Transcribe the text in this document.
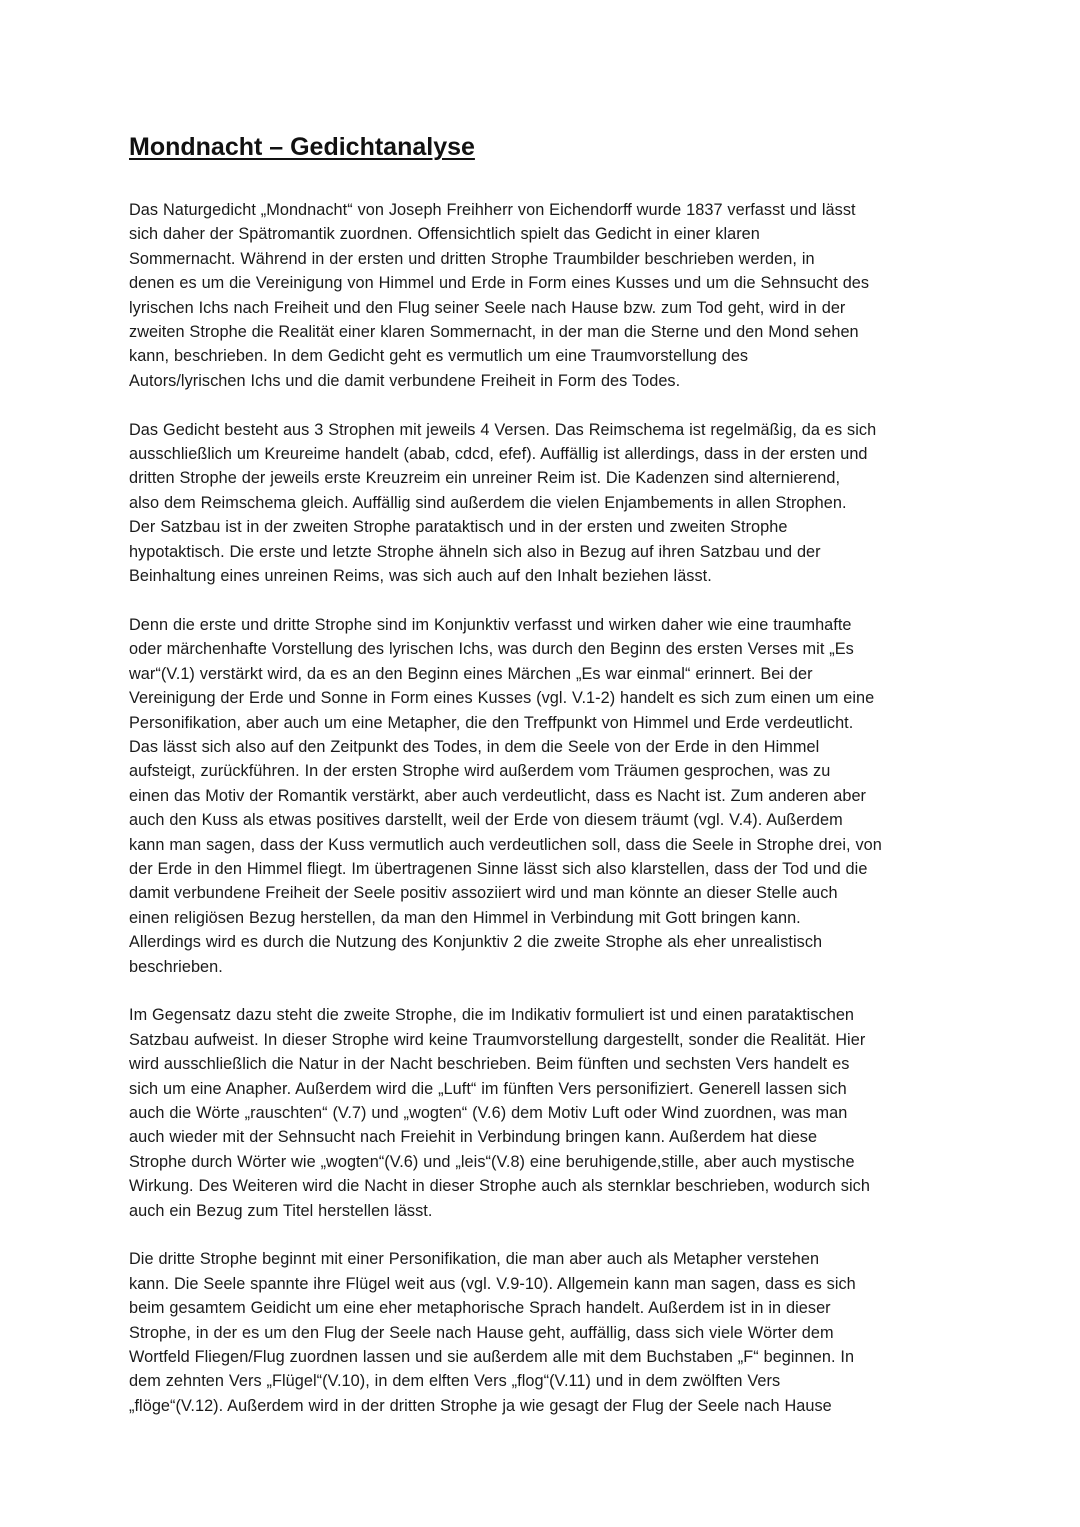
Mondnacht – Gedichtanalyse

Das Naturgedicht „Mondnacht“ von Joseph Freihherr von Eichendorff wurde 1837 verfasst und lässt
sich daher der Spätromantik zuordnen. Offensichtlich spielt das Gedicht in einer klaren
Sommernacht. Während in der ersten und dritten Strophe Traumbilder beschrieben werden, in
denen es um die Vereinigung von Himmel und Erde in Form eines Kusses und um die Sehnsucht des
lyrischen Ichs nach Freiheit und den Flug seiner Seele nach Hause bzw. zum Tod geht, wird in der
zweiten Strophe die Realität einer klaren Sommernacht, in der man die Sterne und den Mond sehen
kann, beschrieben. In dem Gedicht geht es vermutlich um eine Traumvorstellung des
Autors/lyrischen Ichs und die damit verbundene Freiheit in Form des Todes.

Das Gedicht besteht aus 3 Strophen mit jeweils 4 Versen. Das Reimschema ist regelmäßig, da es sich
ausschließlich um Kreureime handelt (abab, cdcd, efef). Auffällig ist allerdings, dass in der ersten und
dritten Strophe der jeweils erste Kreuzreim ein unreiner Reim ist. Die Kadenzen sind alternierend,
also dem Reimschema gleich. Auffällig sind außerdem die vielen Enjambements in allen Strophen.
Der Satzbau ist in der zweiten Strophe parataktisch und in der ersten und zweiten Strophe
hypotaktisch. Die erste und letzte Strophe ähneln sich also in Bezug auf ihren Satzbau und der
Beinhaltung eines unreinen Reims, was sich auch auf den Inhalt beziehen lässt.

Denn die erste und dritte Strophe sind im Konjunktiv verfasst und wirken daher wie eine traumhafte
oder märchenhafte Vorstellung des lyrischen Ichs, was durch den Beginn des ersten Verses mit „Es
war“(V.1) verstärkt wird, da es an den Beginn eines Märchen „Es war einmal“ erinnert. Bei der
Vereinigung der Erde und Sonne in Form eines Kusses (vgl. V.1-2) handelt es sich zum einen um eine
Personifikation, aber auch um eine Metapher, die den Treffpunkt von Himmel und Erde verdeutlicht.
Das lässt sich also auf den Zeitpunkt des Todes, in dem die Seele von der Erde in den Himmel
aufsteigt, zurückführen. In der ersten Strophe wird außerdem vom Träumen gesprochen, was zu
einen das Motiv der Romantik verstärkt, aber auch verdeutlicht, dass es Nacht ist. Zum anderen aber
auch den Kuss als etwas positives darstellt, weil der Erde von diesem träumt (vgl. V.4). Außerdem
kann man sagen, dass der Kuss vermutlich auch verdeutlichen soll, dass die Seele in Strophe drei, von
der Erde in den Himmel fliegt. Im übertragenen Sinne lässt sich also klarstellen, dass der Tod und die
damit verbundene Freiheit der Seele positiv assoziiert wird und man könnte an dieser Stelle auch
einen religiösen Bezug herstellen, da man den Himmel in Verbindung mit Gott bringen kann.
Allerdings wird es durch die Nutzung des Konjunktiv 2 die zweite Strophe als eher unrealistisch
beschrieben.

Im Gegensatz dazu steht die zweite Strophe, die im Indikativ formuliert ist und einen parataktischen
Satzbau aufweist. In dieser Strophe wird keine Traumvorstellung dargestellt, sonder die Realität. Hier
wird ausschließlich die Natur in der Nacht beschrieben. Beim fünften und sechsten Vers handelt es
sich um eine Anapher. Außerdem wird die „Luft“ im fünften Vers personifiziert. Generell lassen sich
auch die Wörte „rauschten“ (V.7) und „wogten“ (V.6) dem Motiv Luft oder Wind zuordnen, was man
auch wieder mit der Sehnsucht nach Freiehit in Verbindung bringen kann. Außerdem hat diese
Strophe durch Wörter wie „wogten“(V.6) und „leis“(V.8) eine beruhigende,stille, aber auch mystische
Wirkung. Des Weiteren wird die Nacht in dieser Strophe auch als sternklar beschrieben, wodurch sich
auch ein Bezug zum Titel herstellen lässt.

Die dritte Strophe beginnt mit einer Personifikation, die man aber auch als Metapher verstehen
kann. Die Seele spannte ihre Flügel weit aus (vgl. V.9-10). Allgemein kann man sagen, dass es sich
beim gesamtem Geidicht um eine eher metaphorische Sprach handelt. Außerdem ist in in dieser
Strophe, in der es um den Flug der Seele nach Hause geht, auffällig, dass sich viele Wörter dem
Wortfeld Fliegen/Flug zuordnen lassen und sie außerdem alle mit dem Buchstaben „F“ beginnen. In
dem zehnten Vers „Flügel“(V.10), in dem elften Vers „flog“(V.11) und in dem zwölften Vers
„flöge“(V.12). Außerdem wird in der dritten Strophe ja wie gesagt der Flug der Seele nach Hause
